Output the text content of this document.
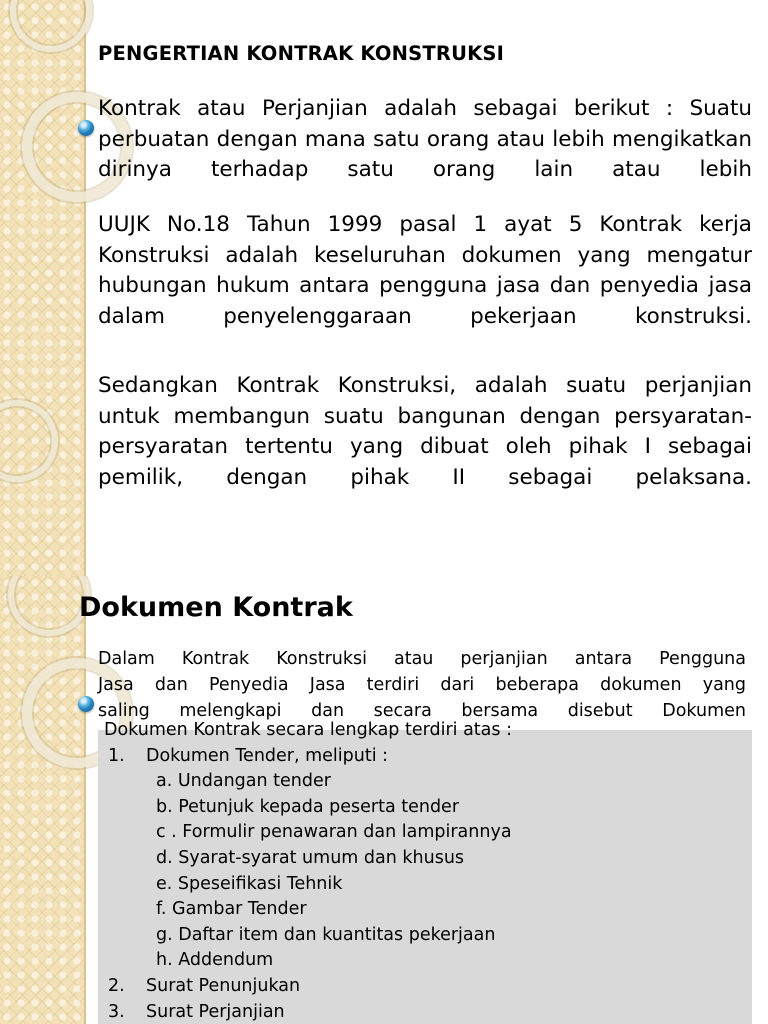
PENGERTIAN KONTRAK KONSTRUKSI
Kontrak atau Perjanjian adalah sebagai berikut : Suatu perbuatan dengan mana satu orang atau lebih mengikatkan dirinya terhadap satu orang lain atau lebih
UUJK No.18 Tahun 1999 pasal 1 ayat 5 Kontrak kerja Konstruksi adalah keseluruhan dokumen yang mengatur hubungan hukum antara pengguna jasa dan penyedia jasa dalam penyelenggaraan pekerjaan konstruksi.
Sedangkan Kontrak Konstruksi, adalah suatu perjanjian untuk membangun suatu bangunan dengan persyaratan-persyaratan tertentu yang dibuat oleh pihak I sebagai pemilik, dengan pihak II sebagai pelaksana.
Dokumen Kontrak
Dalam Kontrak Konstruksi atau perjanjian antara Pengguna
Jasa dan Penyedia Jasa terdiri dari beberapa dokumen yang
saling melengkapi dan secara bersama disebut Dokumen
Dokumen Kontrak secara lengkap terdiri atas :
1. Dokumen Tender, meliputi :
a. Undangan tender
b. Petunjuk kepada peserta tender
c . Formulir penawaran dan lampirannya
d. Syarat-syarat umum dan khusus
e. Speseifikasi Tehnik
f. Gambar Tender
g. Daftar item dan kuantitas pekerjaan
h. Addendum
2. Surat Penunjukan
3. Surat Perjanjian
